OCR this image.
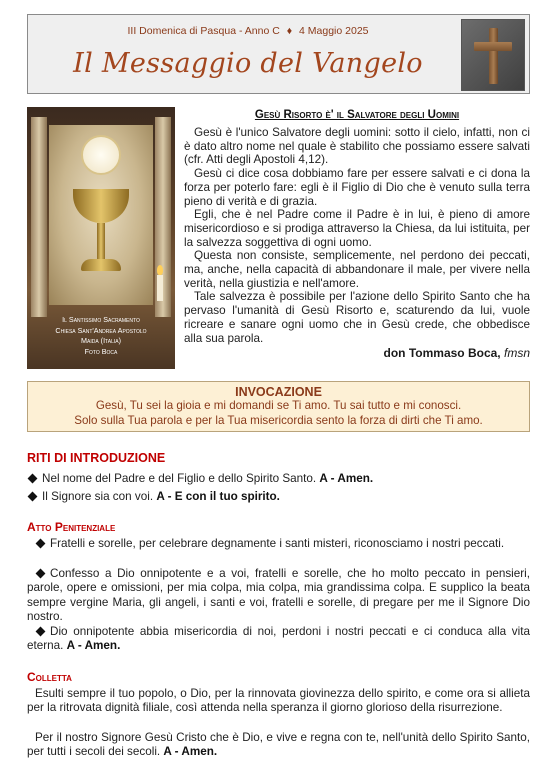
III Domenica di Pasqua - Anno C ♦ 4 Maggio 2025
Il Messaggio del Vangelo
Il Santissimo Sacramento
Chiesa Sant'Andrea Apostolo
Maida (Italia)
Foto Boca
Gesù Risorto è' il Salvatore degli Uomini

Gesù è l'unico Salvatore degli uomini: sotto il cielo, infatti, non ci è dato altro nome nel quale è stabilito che possiamo essere salvati (cfr. Atti degli Apostoli 4,12).

Gesù ci dice cosa dobbiamo fare per essere salvati e ci dona la forza per poterlo fare: egli è il Figlio di Dio che è venuto sulla terra pieno di verità e di grazia.

Egli, che è nel Padre come il Padre è in lui, è pieno di amore misericordioso e si prodiga attraverso la Chiesa, da lui istituita, per la salvezza soggettiva di ogni uomo.

Questa non consiste, semplicemente, nel perdono dei peccati, ma, anche, nella capacità di abbandonare il male, per vivere nella verità, nella giustizia e nell'amore.

Tale salvezza è possibile per l'azione dello Spirito Santo che ha pervaso l'umanità di Gesù Risorto e, scaturendo da lui, vuole ricreare e sanare ogni uomo che in Gesù crede, che obbedisce alla sua parola.

don Tommaso Boca, fmsn
INVOCAZIONE
Gesù, Tu sei la gioia e mi domandi se Ti amo. Tu sai tutto e mi conosci.
Solo sulla Tua parola e per la Tua misericordia sento la forza di dirti che Ti amo.
RITI DI INTRODUZIONE
Nel nome del Padre e del Figlio e dello Spirito Santo. A - Amen.
Il Signore sia con voi. A - E con il tuo spirito.
Atto Penitenziale
Fratelli e sorelle, per celebrare degnamente i santi misteri, riconosciamo i nostri peccati.
Confesso a Dio onnipotente e a voi, fratelli e sorelle, che ho molto peccato in pensieri, parole, opere e omissioni, per mia colpa, mia colpa, mia grandissima colpa. E supplico la beata sempre vergine Maria, gli angeli, i santi e voi, fratelli e sorelle, di pregare per me il Signore Dio nostro.
Dio onnipotente abbia misericordia di noi, perdoni i nostri peccati e ci conduca alla vita eterna. A - Amen.
Colletta
Esulti sempre il tuo popolo, o Dio, per la rinnovata giovinezza dello spirito, e come ora si allieta per la ritrovata dignità filiale, così attenda nella speranza il giorno glorioso della risurrezione.
Per il nostro Signore Gesù Cristo che è Dio, e vive e regna con te, nell'unità dello Spirito Santo, per tutti i secoli dei secoli. A - Amen.
